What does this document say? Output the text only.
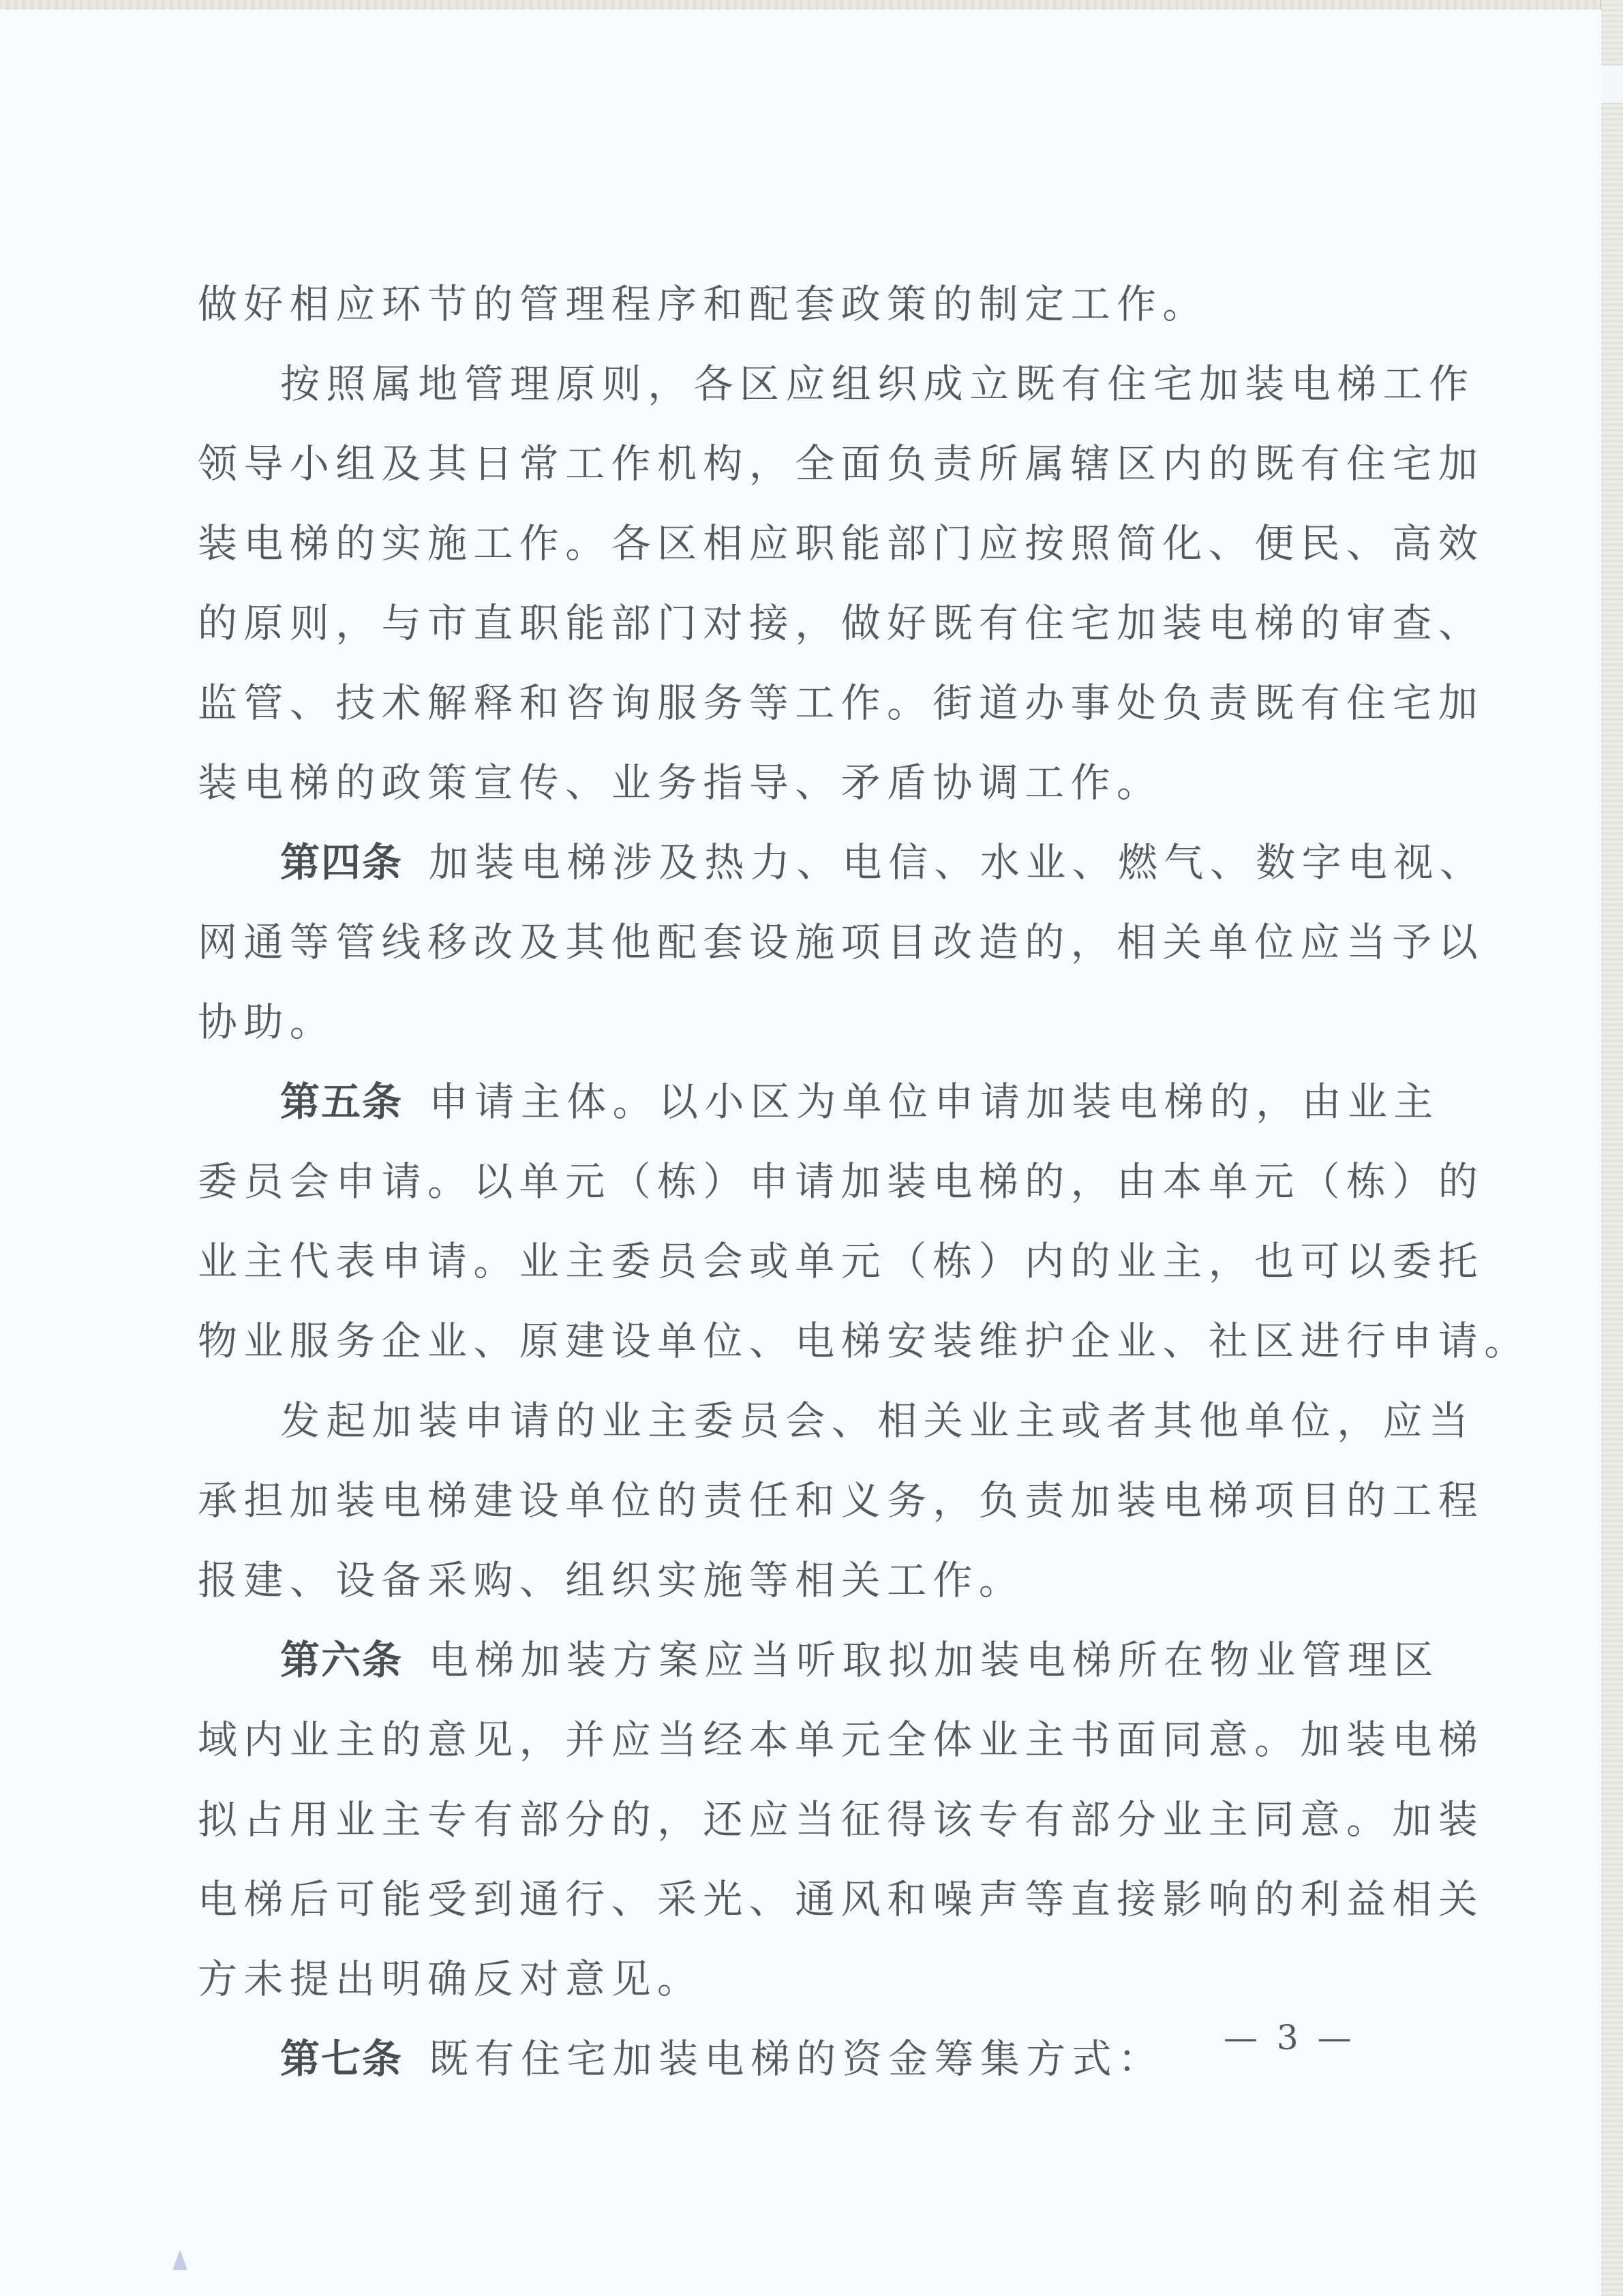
做好相应环节的管理程序和配套政策的制定工作。
按照属地管理原则，各区应组织成立既有住宅加装电梯工作
领导小组及其日常工作机构，全面负责所属辖区内的既有住宅加
装电梯的实施工作。各区相应职能部门应按照简化、便民、高效
的原则，与市直职能部门对接，做好既有住宅加装电梯的审查、
监管、技术解释和咨询服务等工作。街道办事处负责既有住宅加
装电梯的政策宣传、业务指导、矛盾协调工作。
第四条 加装电梯涉及热力、电信、水业、燃气、数字电视、
网通等管线移改及其他配套设施项目改造的，相关单位应当予以
协助。
第五条 申请主体。以小区为单位申请加装电梯的，由业主
委员会申请。以单元（栋）申请加装电梯的，由本单元（栋）的
业主代表申请。业主委员会或单元（栋）内的业主，也可以委托
物业服务企业、原建设单位、电梯安装维护企业、社区进行申请。
发起加装申请的业主委员会、相关业主或者其他单位，应当
承担加装电梯建设单位的责任和义务，负责加装电梯项目的工程
报建、设备采购、组织实施等相关工作。
第六条 电梯加装方案应当听取拟加装电梯所在物业管理区
域内业主的意见，并应当经本单元全体业主书面同意。加装电梯
拟占用业主专有部分的，还应当征得该专有部分业主同意。加装
电梯后可能受到通行、采光、通风和噪声等直接影响的利益相关
方未提出明确反对意见。
第七条 既有住宅加装电梯的资金筹集方式：	— 3 —
